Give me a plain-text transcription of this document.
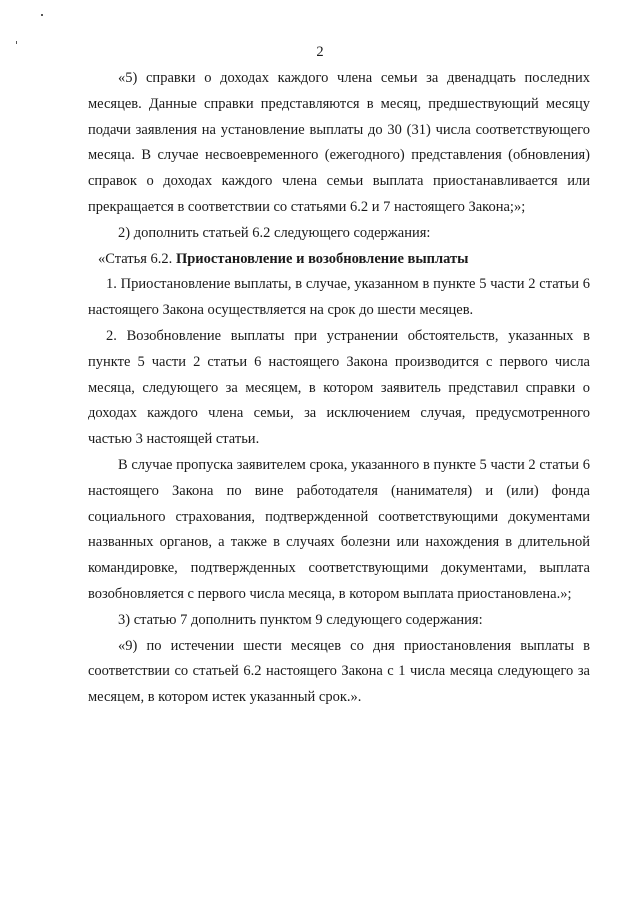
2

«5) справки о доходах каждого члена семьи за двенадцать последних месяцев. Данные справки представляются в месяц, предшествующий месяцу подачи заявления на установление выплаты до 30 (31) числа соответствующего месяца. В случае несвоевременного (ежегодного) представления (обновления) справок о доходах каждого члена семьи выплата приостанавливается или прекращается в соответствии со статьями 6.2 и 7 настоящего Закона;»;

2) дополнить статьей 6.2 следующего содержания:

«Статья 6.2. Приостановление и возобновление выплаты

1. Приостановление выплаты, в случае, указанном в пункте 5 части 2 статьи 6 настоящего Закона осуществляется на срок до шести месяцев.

2. Возобновление выплаты при устранении обстоятельств, указанных в пункте 5 части 2 статьи 6 настоящего Закона производится с первого числа месяца, следующего за месяцем, в котором заявитель представил справки о доходах каждого члена семьи, за исключением случая, предусмотренного частью 3 настоящей статьи.

В случае пропуска заявителем срока, указанного в пункте 5 части 2 статьи 6 настоящего Закона по вине работодателя (нанимателя) и (или) фонда социального страхования, подтвержденной соответствующими документами названных органов, а также в случаях болезни или нахождения в длительной командировке, подтвержденных соответствующими документами, выплата возобновляется с первого числа месяца, в котором выплата приостановлена.»;

3) статью 7 дополнить пунктом 9 следующего содержания:

«9) по истечении шести месяцев со дня приостановления выплаты в соответствии со статьей 6.2 настоящего Закона с 1 числа месяца следующего за месяцем, в котором истек указанный срок.».
